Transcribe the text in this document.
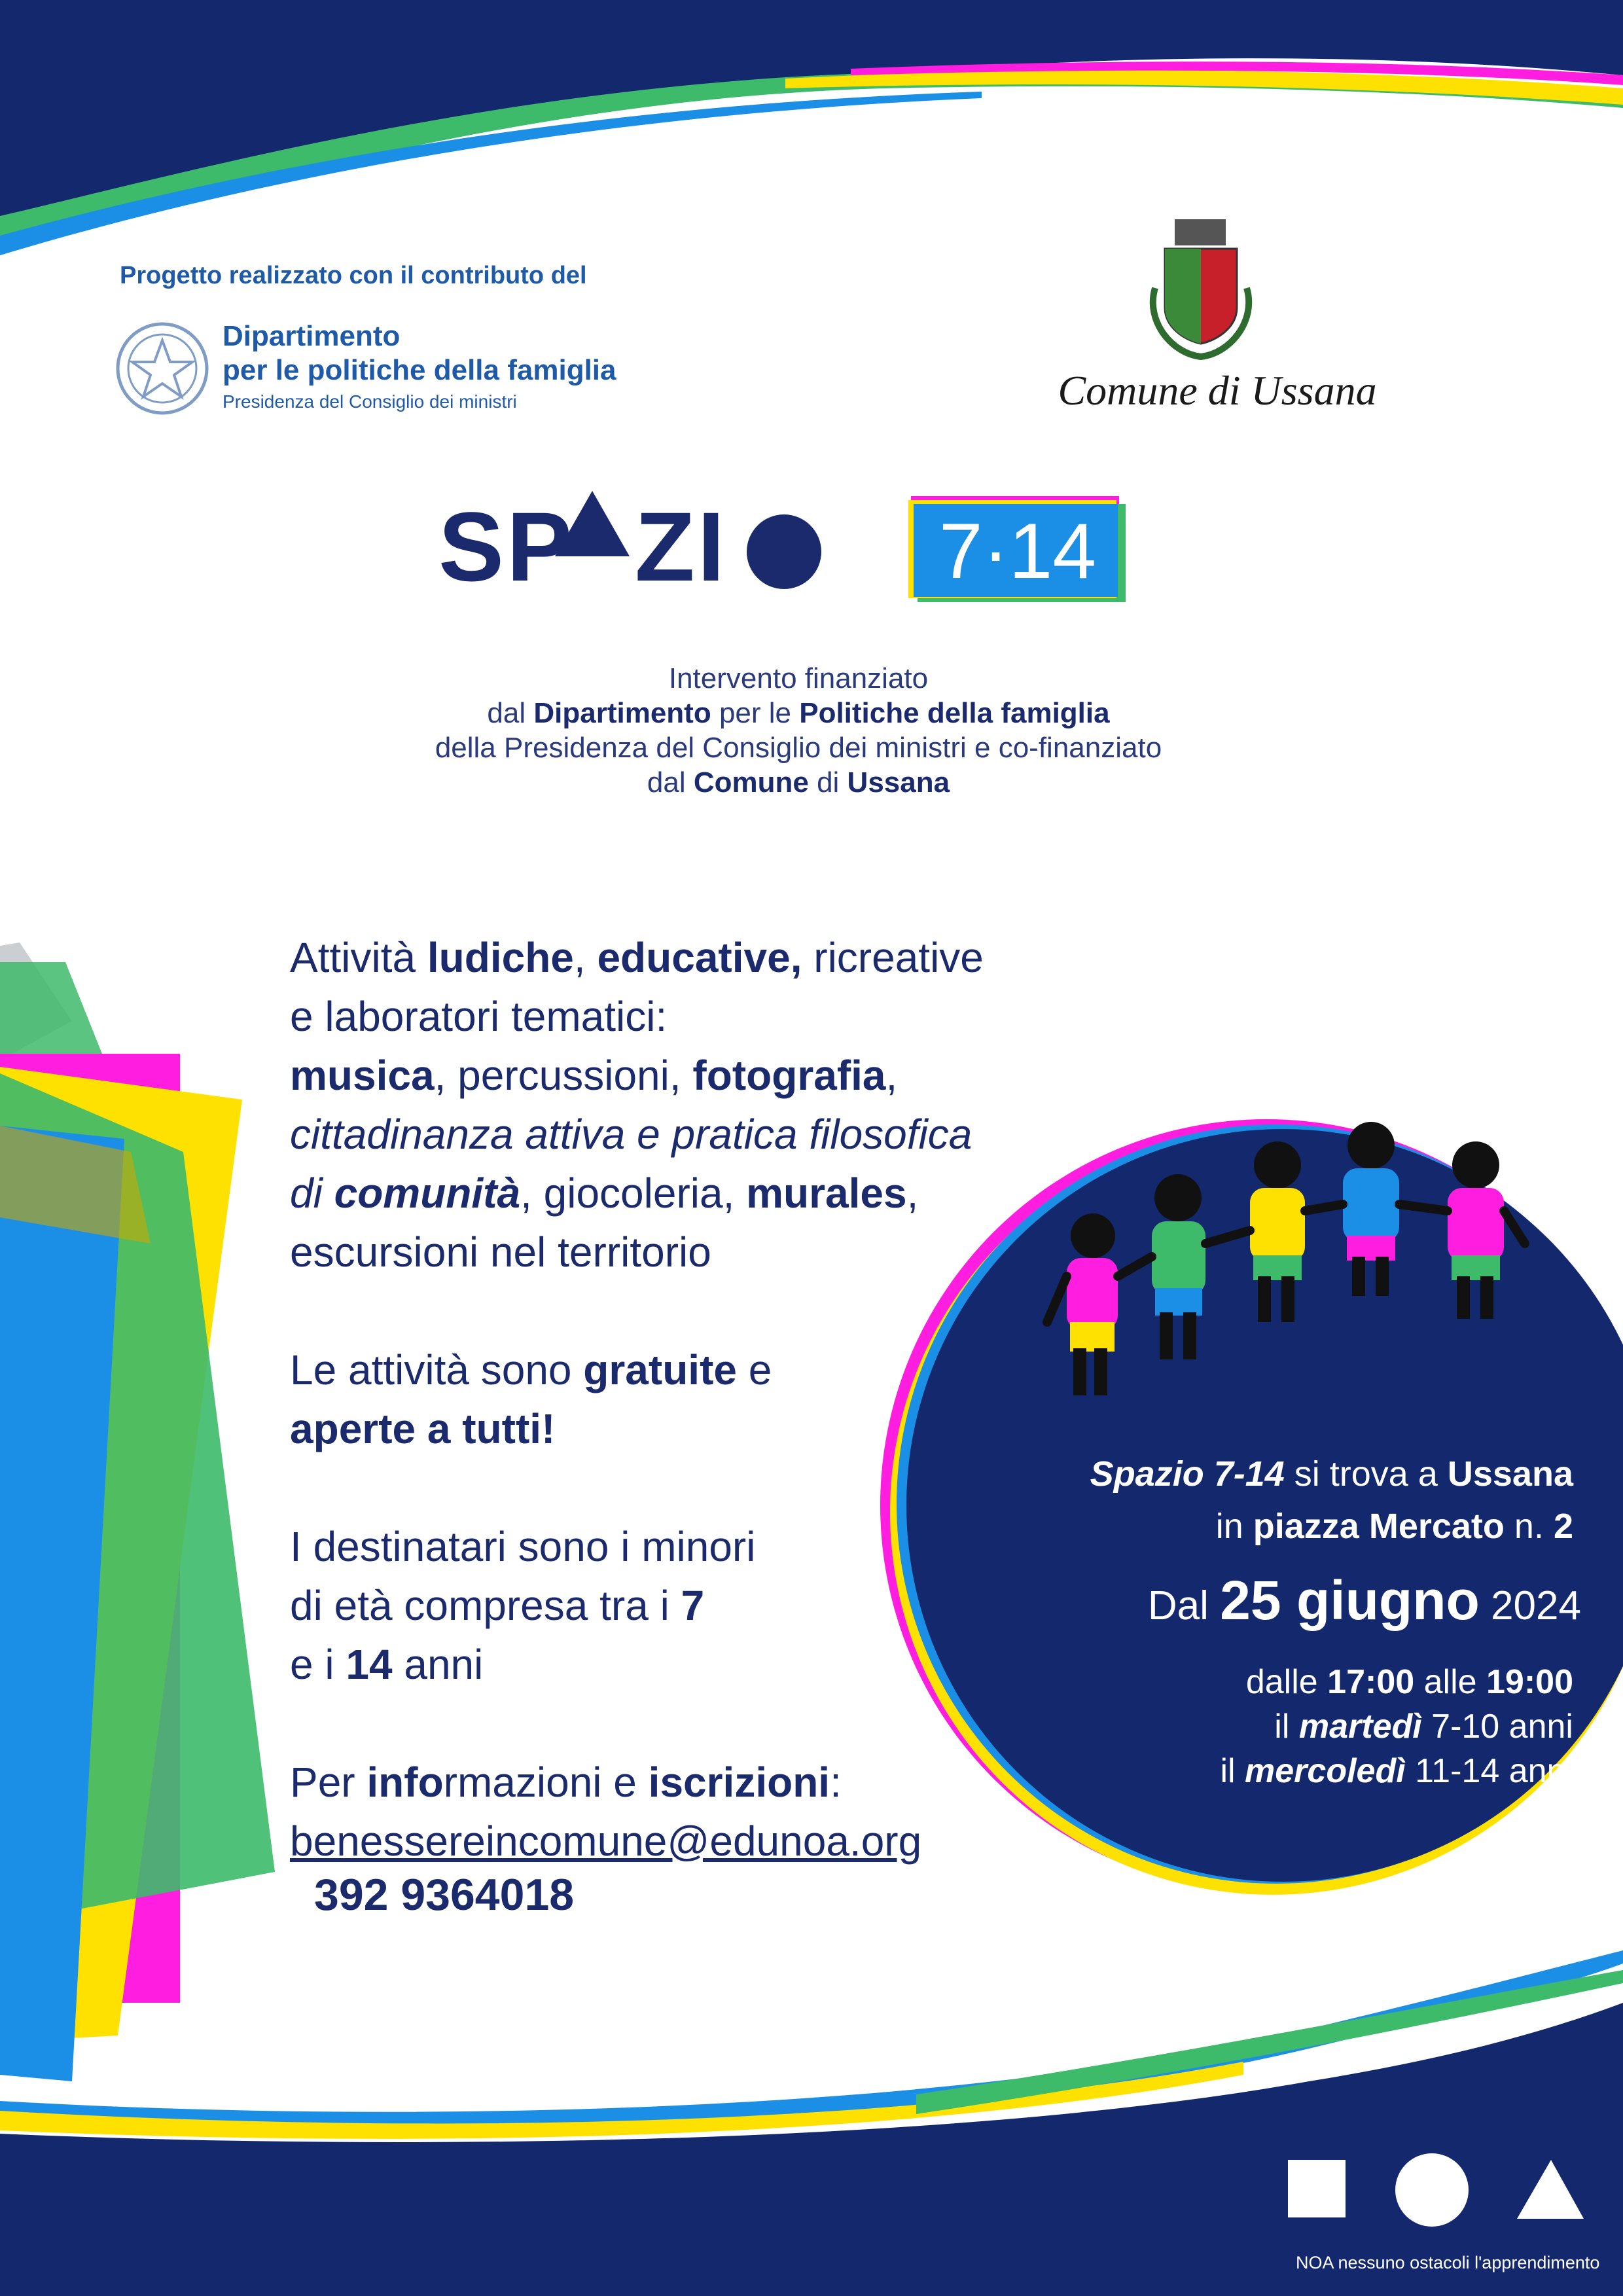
Progetto realizzato con il contributo del
Dipartimento
per le politiche della famiglia
Presidenza del Consiglio dei ministri	Comune di Ussana
SP ZI	7·14
Intervento finanziato
dal Dipartimento per le Politiche della famiglia
della Presidenza del Consiglio dei ministri e co-finanziato
dal Comune di Ussana
Attività ludiche, educative, ricreative
e laboratori tematici:
musica, percussioni, fotografia,
cittadinanza attiva e pratica filosofica
di comunità, giocoleria, murales,
escursioni nel territorio
Le attività sono gratuite e
aperte a tutti!
I destinatari sono i minori
di età compresa tra i 7
e i 14 anni
Per informazioni e iscrizioni:
benessereincomune@edunoa.org
392 9364018
Spazio 7-14 si trova a Ussana
in piazza Mercato n. 2
Dal 25 giugno 2024
dalle 17:00 alle 19:00
il martedì 7-10 anni
il mercoledì 11-14 anni
NOA nessuno ostacoli l'apprendimento
